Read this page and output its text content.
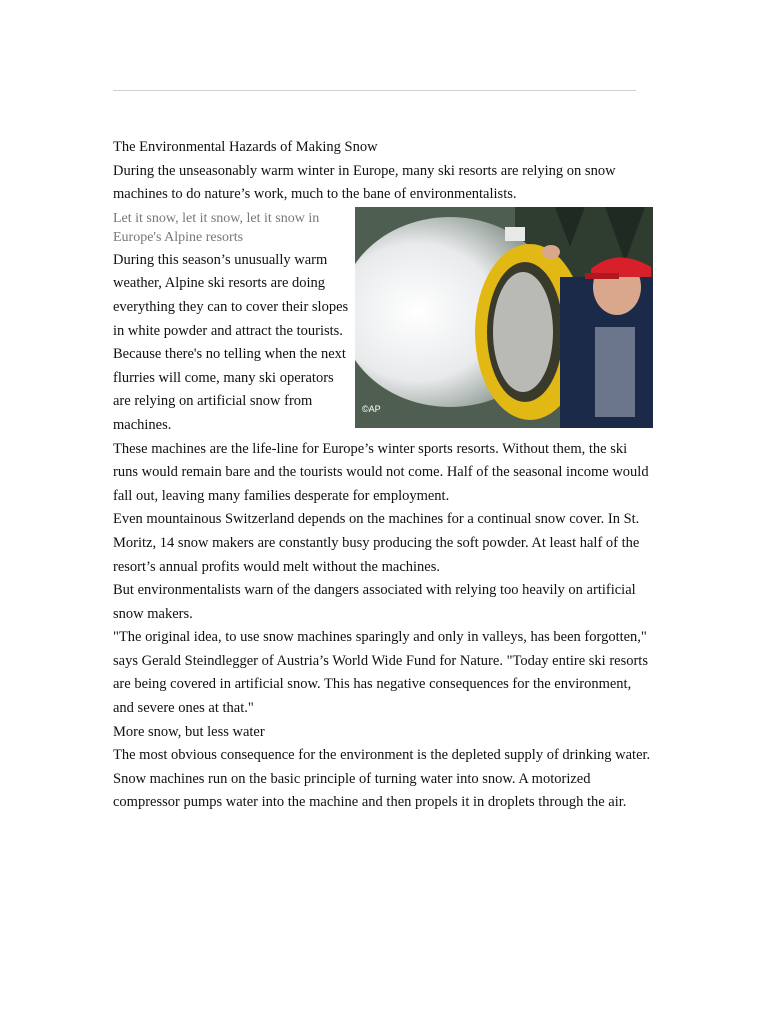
The Environmental Hazards of Making Snow

During the unseasonably warm winter in Europe, many ski resorts are relying on snow machines to do nature’s work, much to the bane of environmentalists.

©AP

Let it snow, let it snow, let it snow in Europe's Alpine resorts

During this season’s unusually warm weather, Alpine ski resorts are doing everything they can to cover their slopes in white powder and attract the tourists. Because there's no telling when the next flurries will come, many ski operators are relying on artificial snow from machines.

These machines are the life-line for Europe’s winter sports resorts. Without them, the ski runs would remain bare and the tourists would not come. Half of the seasonal income would fall out, leaving many families desperate for employment.

Even mountainous Switzerland depends on the machines for a continual snow cover. In St. Moritz, 14 snow makers are constantly busy producing the soft powder. At least half of the resort’s annual profits would melt without the machines.

But environmentalists warn of the dangers associated with relying too heavily on artificial snow makers.

"The original idea, to use snow machines sparingly and only in valleys, has been forgotten," says Gerald Steindlegger of Austria’s World Wide Fund for Nature. "Today entire ski resorts are being covered in artificial snow. This has negative consequences for the environment, and severe ones at that."

More snow, but less water

The most obvious consequence for the environment is the depleted supply of drinking water.

Snow machines run on the basic principle of turning water into snow. A motorized compressor pumps water into the machine and then propels it in droplets through the air.
